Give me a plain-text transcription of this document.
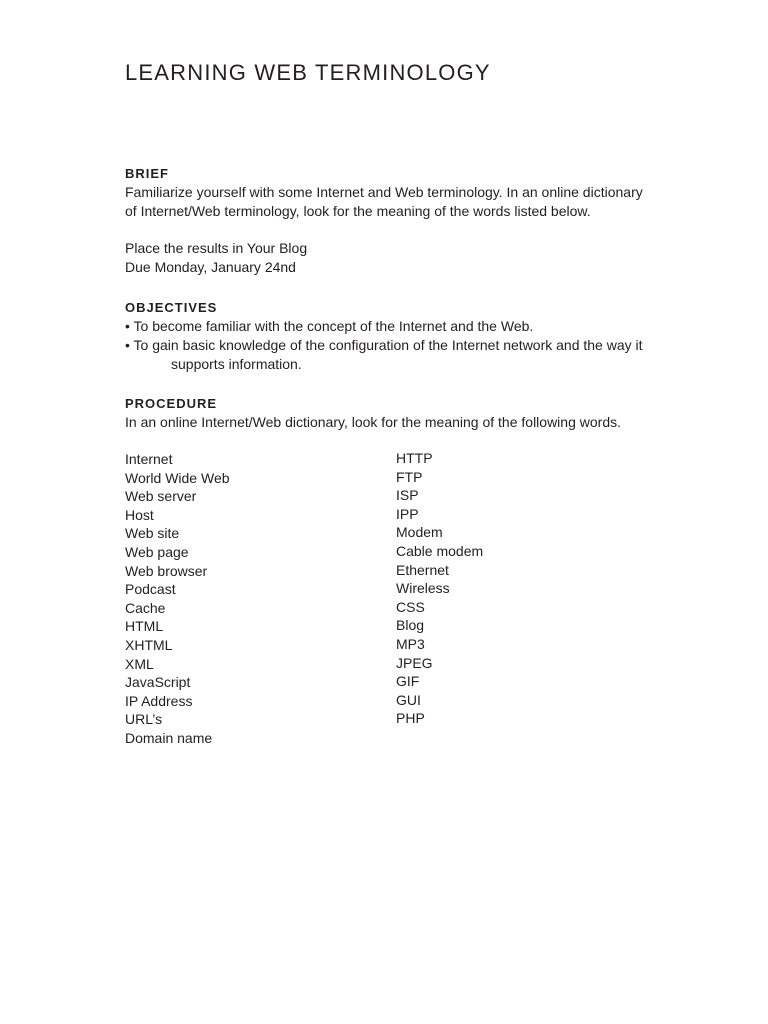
LEARNING WEB TERMINOLOGY
BRIEF
Familiarize yourself with some Internet and Web terminology. In an online dictionary
of Internet/Web terminology, look for the meaning of the words listed below.
Place the results in Your Blog
Due Monday, January 24nd
OBJECTIVES
• To become familiar with the concept of the Internet and the Web.
• To gain basic knowledge of the configuration of the Internet network and the way it
supports information.
PROCEDURE
In an online Internet/Web dictionary, look for the meaning of the following words.
Internet
World Wide Web
Web server
Host
Web site
Web page
Web browser
Podcast
Cache
HTML
XHTML
XML
JavaScript
IP Address
URL’s
Domain name
HTTP
FTP
ISP
IPP
Modem
Cable modem
Ethernet
Wireless
CSS
Blog
MP3
JPEG
GIF
GUI
PHP
